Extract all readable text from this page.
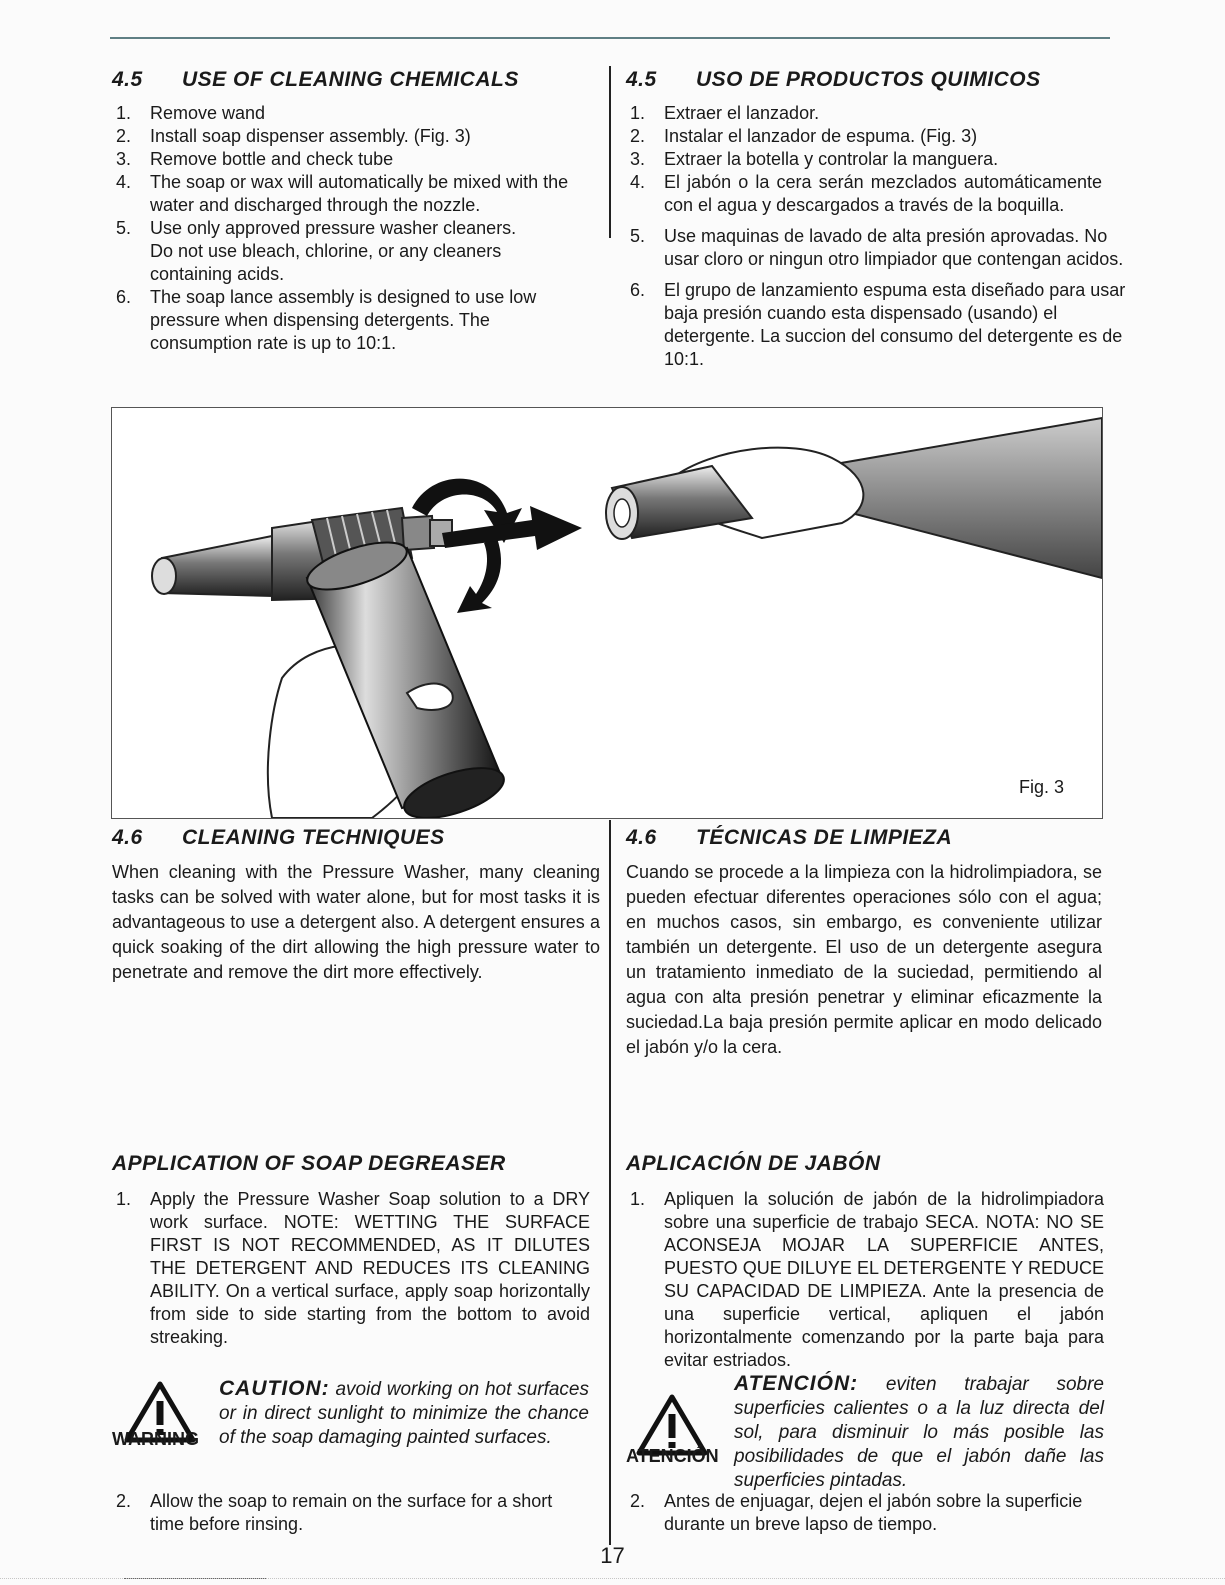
4.5 USE OF CLEANING CHEMICALS
1. Remove wand
2. Install soap dispenser assembly. (Fig. 3)
3. Remove bottle and check tube
4. The soap or wax will automatically be mixed with the water and discharged through the nozzle.
5. Use only approved pressure washer cleaners. Do not use bleach, chlorine, or any cleaners containing acids.
6. The soap lance assembly is designed to use low pressure when dispensing detergents. The consumption rate is up to 10:1.
4.5 USO DE PRODUCTOS QUIMICOS
1. Extraer el lanzador.
2. Instalar el lanzador de espuma. (Fig. 3)
3. Extraer la botella y controlar la manguera.
4. El jabón o la cera serán mezclados automáticamente con el agua y descargados a través de la boquilla.
5. Use maquinas de lavado de alta presión aprovadas. No usar cloro or ningun otro limpiador que contengan acidos.
6. El grupo de lanzamiento espuma esta diseñado para usar baja presión cuando esta dispensado (usando) el detergente. La succion del consumo del detergente es de 10:1.
Fig. 3
4.6 CLEANING TECHNIQUES

When cleaning with the Pressure Washer, many cleaning tasks can be solved with water alone, but for most tasks it is advantageous to use a detergent also. A detergent ensures a quick soaking of the dirt allowing the high pressure water to penetrate and remove the dirt more effectively.

4.6 TÉCNICAS DE LIMPIEZA

Cuando se procede a la limpieza con la hidrolimpiadora, se pueden efectuar diferentes operaciones sólo con el agua; en muchos casos, sin embargo, es conveniente utilizar también un detergente. El uso de un detergente asegura un tratamiento inmediato de la suciedad, permitiendo al agua con alta presión penetrar y eliminar eficazmente la suciedad.La baja presión permite aplicar en modo delicado el jabón y/o la cera.

APPLICATION OF SOAP DEGREASER
1. Apply the Pressure Washer Soap solution to a DRY work surface. NOTE: WETTING THE SURFACE FIRST IS NOT RECOMMENDED, AS IT DILUTES THE DETERGENT AND REDUCES ITS CLEANING ABILITY. On a vertical surface, apply soap horizontally from side to side starting from the bottom to avoid streaking.
WARNING
CAUTION: avoid working on hot surfaces or in direct sunlight to minimize the chance of the soap damaging painted surfaces.
2. Allow the soap to remain on the surface for a short time before rinsing.
APLICACIÓN DE JABÓN
1. Apliquen la solución de jabón de la hidrolimpiadora sobre una superficie de trabajo SECA. NOTA: NO SE ACONSEJA MOJAR LA SUPERFICIE ANTES, PUESTO QUE DILUYE EL DETERGENTE Y REDUCE SU CAPACIDAD DE LIMPIEZA. Ante la presencia de una superficie vertical, apliquen el jabón horizontalmente comenzando por la parte baja para evitar estriados.
ATENCIÓN
ATENCIÓN: eviten trabajar sobre superficies calientes o a la luz directa del sol, para disminuir lo más posible las posibilidades de que el jabón dañe las superficies pintadas.
2. Antes de enjuagar, dejen el jabón sobre la superficie durante un breve lapso de tiempo.
17
